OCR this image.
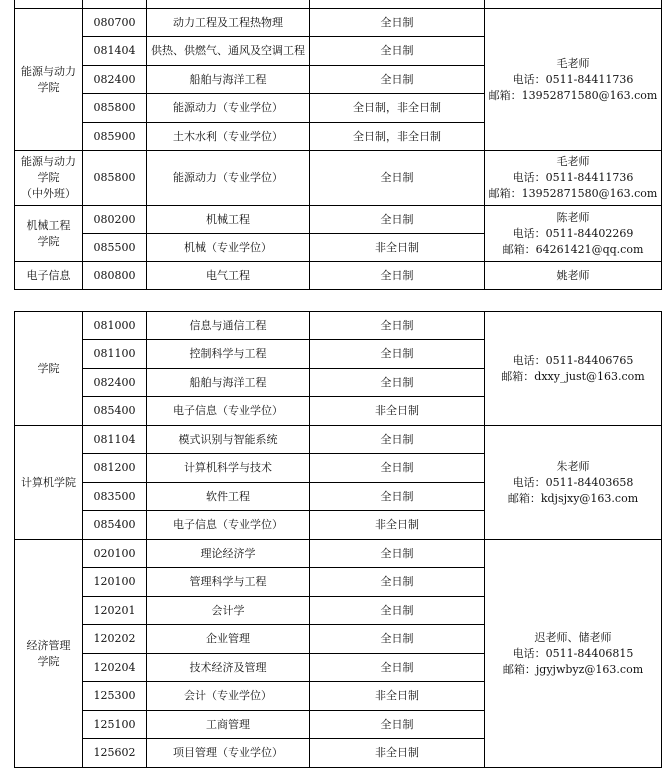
能源与动力
学院	080700	动力工程及工程热物理	全日制	毛老师
电话：0511-84411736
邮箱：13952871580@163.com

	081404	供热、供燃气、通风及空调工程	全日制	
	082400	船舶与海洋工程	全日制	
	085800	能源动力（专业学位）	全日制，非全日制	
	085900	土木水利（专业学位）	全日制，非全日制	

能源与动力
学院
（中外班）	085800	能源动力（专业学位）	全日制	毛老师
电话：0511-84411736
邮箱：13952871580@163.com

机械工程
学院	080200	机械工程	全日制	陈老师
电话：0511-84402269
邮箱：64261421@qq.com

	085500	机械（专业学位）	非全日制	
电子信息	080800	电气工程	全日制	姚老师
学院	081000	信息与通信工程	全日制	电话：0511-84406765
邮箱：dxxy_just@163.com

	081100	控制科学与工程	全日制	
	082400	船舶与海洋工程	全日制	
	085400	电子信息（专业学位）	非全日制	
计算机学院	081104	模式识别与智能系统	全日制	朱老师
电话：0511-84403658
邮箱：kdjsjxy@163.com

	081200	计算机科学与技术	全日制	
	083500	软件工程	全日制	
	085400	电子信息（专业学位）	非全日制	

经济管理
学院	020100	理论经济学	全日制	迟老师、储老师
电话：0511-84406815
邮箱：jgyjwbyz@163.com

	120100	管理科学与工程	全日制	
	120201	会计学	全日制	
	120202	企业管理	全日制	
	120204	技术经济及管理	全日制	
	125300	会计（专业学位）	非全日制	
	125100	工商管理	全日制	
	125602	项目管理（专业学位）	非全日制	
